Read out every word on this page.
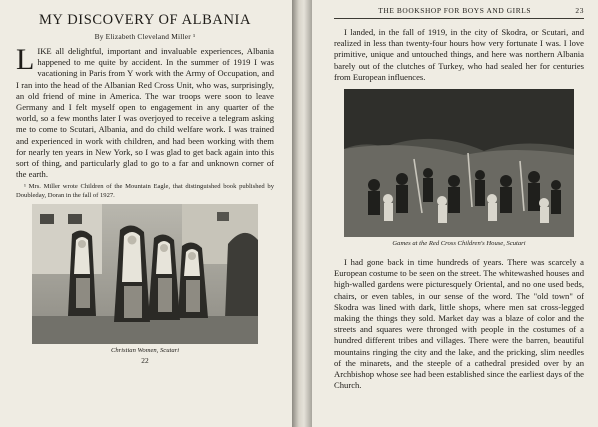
MY DISCOVERY OF ALBANIA
By Elizabeth Cleveland Miller ¹

LIKE all delightful, important and invaluable experiences, Albania happened to me quite by accident. In the summer of 1919 I was vacationing in Paris from Y work with the Army of Occupation, and I ran into the head of the Albanian Red Cross Unit, who was, surprisingly, an old friend of mine in America. The war troops were soon to leave Germany and I felt myself open to engagement in any quarter of the world, so a few months later I was overjoyed to receive a telegram asking me to come to Scutari, Albania, and do child welfare work. I was trained and experienced in work with children, and had been working with them for nearly ten years in New York, so I was glad to get back again into this sort of thing, and particularly glad to go to a far and unknown corner of the earth.

¹ Mrs. Miller wrote Children of the Mountain Eagle, that distinguished book published by Doubleday, Doran in the fall of 1927.

Christian Women, Scutari
22
THE BOOKSHOP FOR BOYS AND GIRLS	23

I landed, in the fall of 1919, in the city of Skodra, or Scutari, and realized in less than twenty-four hours how very fortunate I was. I love primitive, unique and untouched things, and here was northern Albania barely out of the clutches of Turkey, who had sealed her for centuries from European influences.

Games at the Red Cross Children's House, Scutari

I had gone back in time hundreds of years. There was scarcely a European costume to be seen on the street. The whitewashed houses and high-walled gardens were picturesquely Oriental, and no one used beds, chairs, or even tables, in our sense of the word. The "old town" of Skodra was lined with dark, little shops, where men sat cross-legged making the things they sold. Market day was a blaze of color and the streets and squares were thronged with people in the costumes of a hundred different tribes and villages. There were the barren, beautiful mountains ringing the city and the lake, and the pricking, slim needles of the minarets, and the steeple of a cathedral presided over by an Archbishop whose see had been established since the earliest days of the Church.
